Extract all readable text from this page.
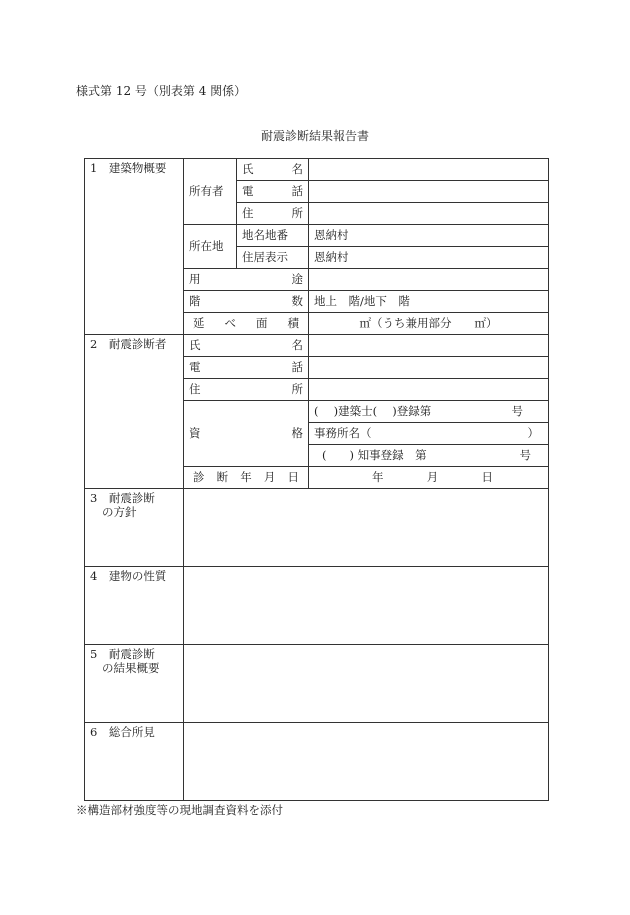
様式第 12 号（別表第 4 関係）
耐震診断結果報告書
1　建築物概要	所有者	氏 名	

		電 話	

		住 所	

	所在地	地名地番	恩納村
		住居表示	恩納村

	用 途		

	階 数		地上　階/地下　階

	延 べ 面 積		㎡（うち兼用部分　　㎡）
2　耐震診断者	氏 名		

	電 話		

	住 所		

	資 格		(　 )建築士(　 )登録第 号

			事務所名（ ）

			(　　) 知事登録　第 号

	診 断 年 月 日		年 月 日

3　耐震診断
の方針			

4　建物の性質			

5　耐震診断
の結果概要			

6　総合所見			
※構造部材強度等の現地調査資料を添付
